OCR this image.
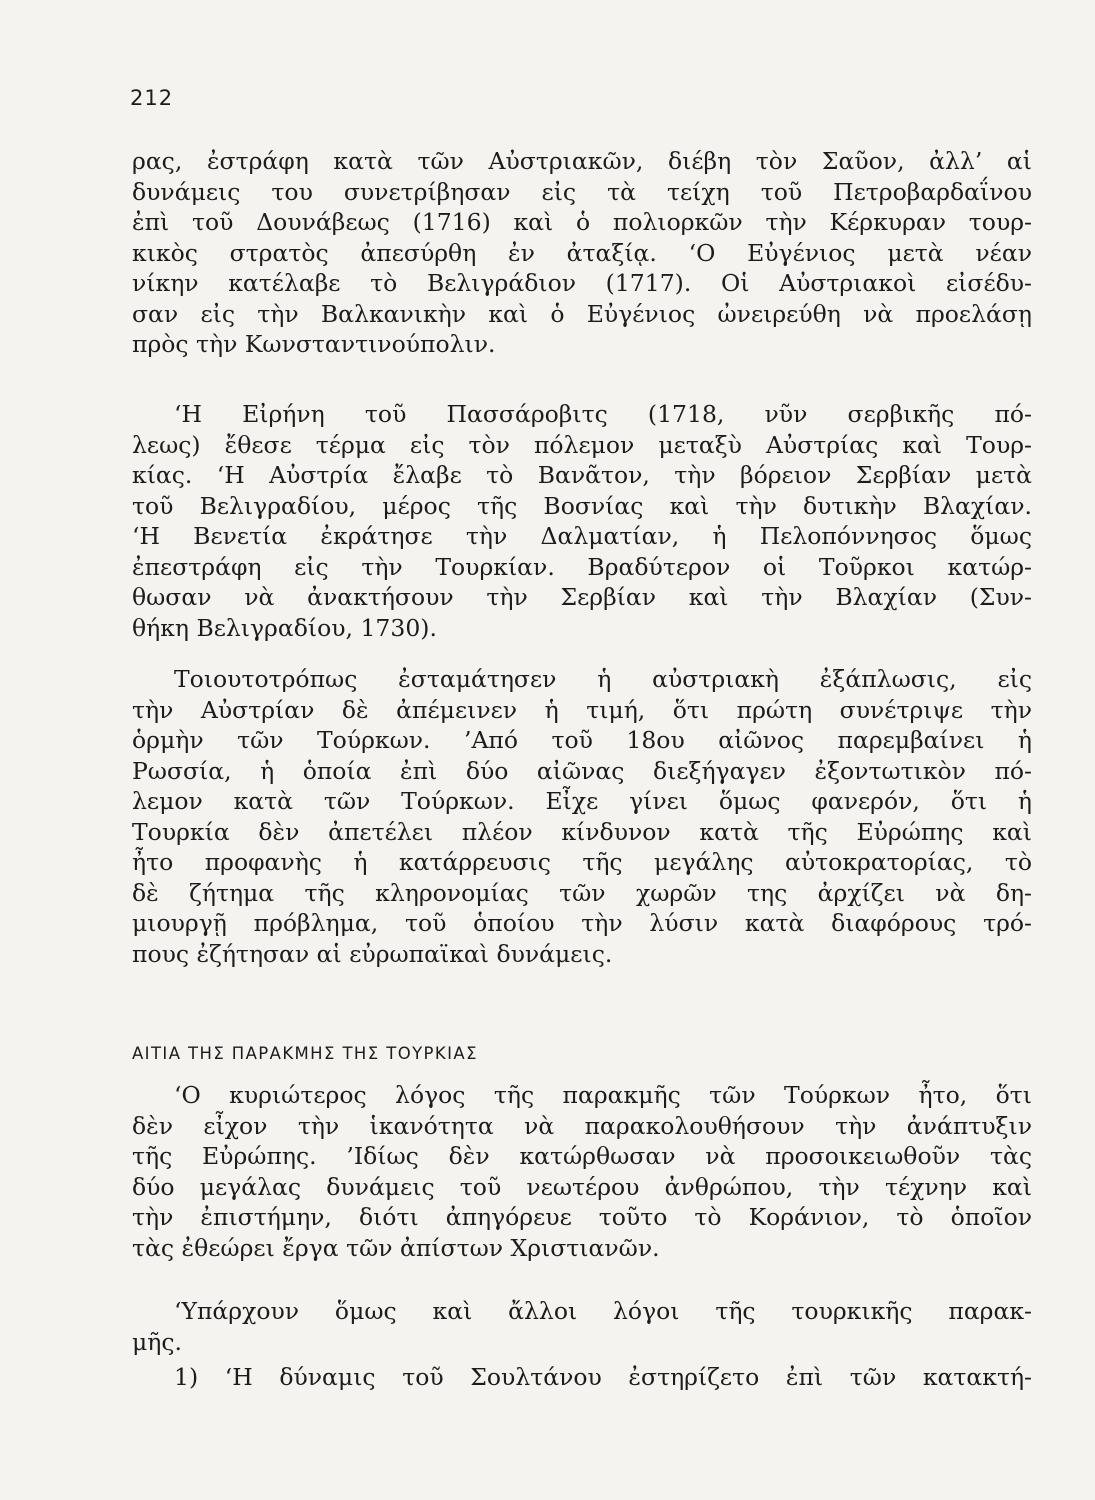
212
ρας, ἐστράφη κατὰ τῶν Αὐστριακῶν, διέβη τὸν Σαῦον, ἀλλ’ αἱ
δυνάμεις του συνετρίβησαν εἰς τὰ τείχη τοῦ Πετροβαρδαΐνου
ἐπὶ τοῦ Δουνάβεως (1716) καὶ ὁ πολιορκῶν τὴν Κέρκυραν τουρ-
κικὸς στρατὸς ἀπεσύρθη ἐν ἀταξίᾳ. ‘Ο Εὐγένιος μετὰ νέαν
νίκην κατέλαβε τὸ Βελιγράδιον (1717). Οἱ Αὐστριακοὶ εἰσέδυ-
σαν εἰς τὴν Βαλκανικὴν καὶ ὁ Εὐγένιος ὠνειρεύθη νὰ προελάσῃ
πρὸς τὴν Κωνσταντινούπολιν.
‘Η Εἰρήνη τοῦ Πασσάροβιτς (1718, νῦν σερβικῆς πό-
λεως) ἔθεσε τέρμα εἰς τὸν πόλεμον μεταξὺ Αὐστρίας καὶ Τουρ-
κίας. ‘Η Αὐστρία ἔλαβε τὸ Βανᾶτον, τὴν βόρειον Σερβίαν μετὰ
τοῦ Βελιγραδίου, μέρος τῆς Βοσνίας καὶ τὴν δυτικὴν Βλαχίαν.
‘Η Βενετία ἐκράτησε τὴν Δαλματίαν, ἡ Πελοπόννησος ὅμως
ἐπεστράφη εἰς τὴν Τουρκίαν. Βραδύτερον οἱ Τοῦρκοι κατώρ-
θωσαν νὰ ἀνακτήσουν τὴν Σερβίαν καὶ τὴν Βλαχίαν (Συν-
θήκη Βελιγραδίου, 1730).
Τοιουτοτρόπως ἐσταμάτησεν ἡ αὐστριακὴ ἐξάπλωσις, εἰς
τὴν Αὐστρίαν δὲ ἀπέμεινεν ἡ τιμή, ὅτι πρώτη συνέτριψε τὴν
ὁρμὴν τῶν Τούρκων. ’Από τοῦ 18ου αἰῶνος παρεμβαίνει ἡ
Ρωσσία, ἡ ὁποία ἐπὶ δύο αἰῶνας διεξήγαγεν ἐξοντωτικὸν πό-
λεμον κατὰ τῶν Τούρκων. Εἶχε γίνει ὅμως φανερόν, ὅτι ἡ
Τουρκία δὲν ἀπετέλει πλέον κίνδυνον κατὰ τῆς Εὐρώπης καὶ
ἦτο προφανὴς ἡ κατάρρευσις τῆς μεγάλης αὐτοκρατορίας, τὸ
δὲ ζήτημα τῆς κληρονομίας τῶν χωρῶν της ἀρχίζει νὰ δη-
μιουργῇ πρόβλημα, τοῦ ὁποίου τὴν λύσιν κατὰ διαφόρους τρό-
πους ἐζήτησαν αἱ εὐρωπαϊκαὶ δυνάμεις.
ΑΙΤΙΑ ΤΗΣ ΠΑΡΑΚΜΗΣ ΤΗΣ ΤΟΥΡΚΙΑΣ
‘Ο κυριώτερος λόγος τῆς παρακμῆς τῶν Τούρκων ἦτο, ὅτι
δὲν εἶχον τὴν ἱκανότητα νὰ παρακολουθήσουν τὴν ἀνάπτυξιν
τῆς Εὐρώπης. ’Ιδίως δὲν κατώρθωσαν νὰ προσοικειωθοῦν τὰς
δύο μεγάλας δυνάμεις τοῦ νεωτέρου ἀνθρώπου, τὴν τέχνην καὶ
τὴν ἐπιστήμην, διότι ἀπηγόρευε τοῦτο τὸ Κοράνιον, τὸ ὁποῖον
τὰς ἐθεώρει ἔργα τῶν ἀπίστων Χριστιανῶν.
‘Υπάρχουν ὅμως καὶ ἄλλοι λόγοι τῆς τουρκικῆς παρακ-
μῆς.
1) ‘Η δύναμις τοῦ Σουλτάνου ἐστηρίζετο ἐπὶ τῶν κατακτή-
